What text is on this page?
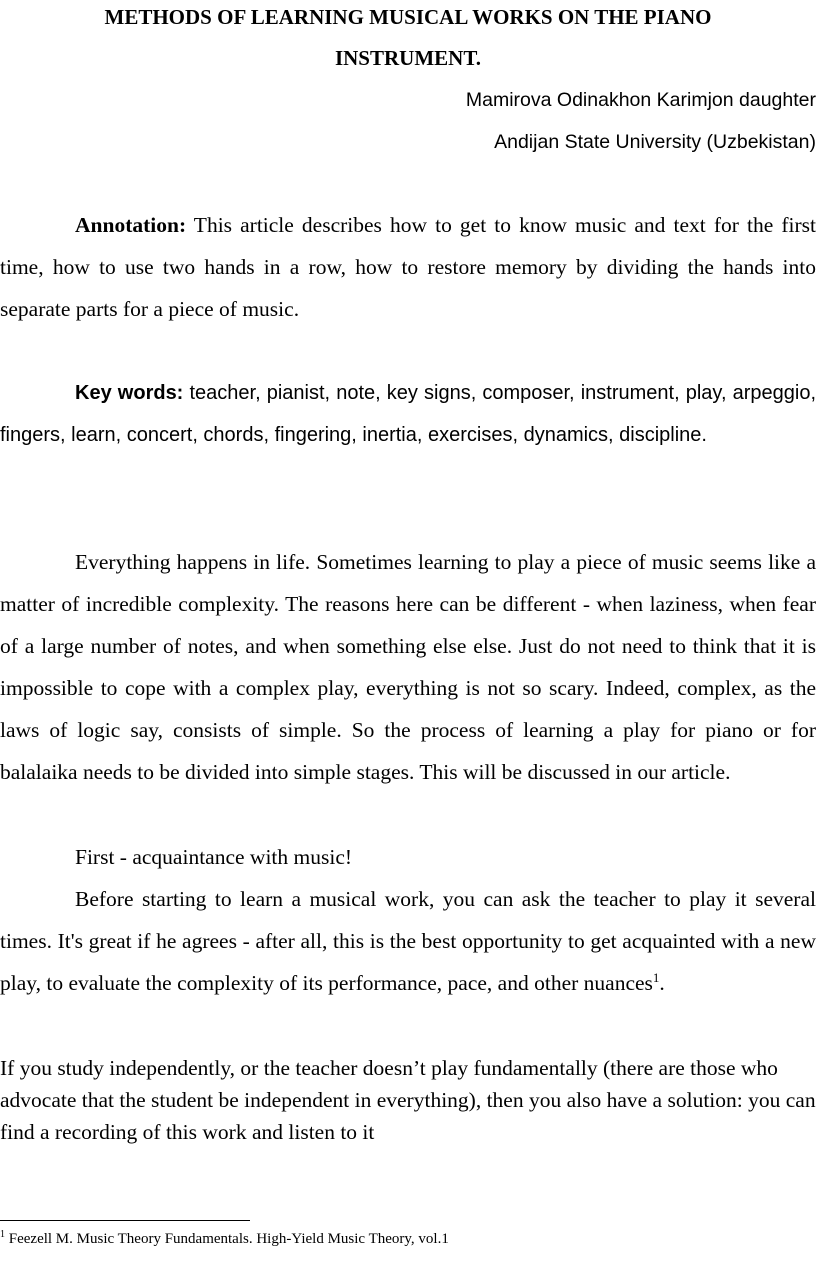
METHODS OF LEARNING MUSICAL WORKS ON THE PIANO
INSTRUMENT.
Mamirova Odinakhon Karimjon daughter
Andijan State University (Uzbekistan)
Annotation: This article describes how to get to know music and text for the first time, how to use two hands in a row, how to restore memory by dividing the hands into separate parts for a piece of music.
Key words: teacher, pianist, note, key signs, composer, instrument, play, arpeggio, fingers, learn, concert, chords, fingering, inertia, exercises, dynamics, discipline.
Everything happens in life. Sometimes learning to play a piece of music seems like a matter of incredible complexity. The reasons here can be different - when laziness, when fear of a large number of notes, and when something else else. Just do not need to think that it is impossible to cope with a complex play, everything is not so scary. Indeed, complex, as the laws of logic say, consists of simple. So the process of learning a play for piano or for balalaika needs to be divided into simple stages. This will be discussed in our article.
First - acquaintance with music!
Before starting to learn a musical work, you can ask the teacher to play it several times. It's great if he agrees - after all, this is the best opportunity to get acquainted with a new play, to evaluate the complexity of its performance, pace, and other nuances$^1$.
If you study independently, or the teacher doesn’t play fundamentally (there are those who advocate that the student be independent in everything), then you also have a solution: you can find a recording of this work and listen to it
$^1$ Feezell M. Music Theory Fundamentals. High-Yield Music Theory, vol.1
